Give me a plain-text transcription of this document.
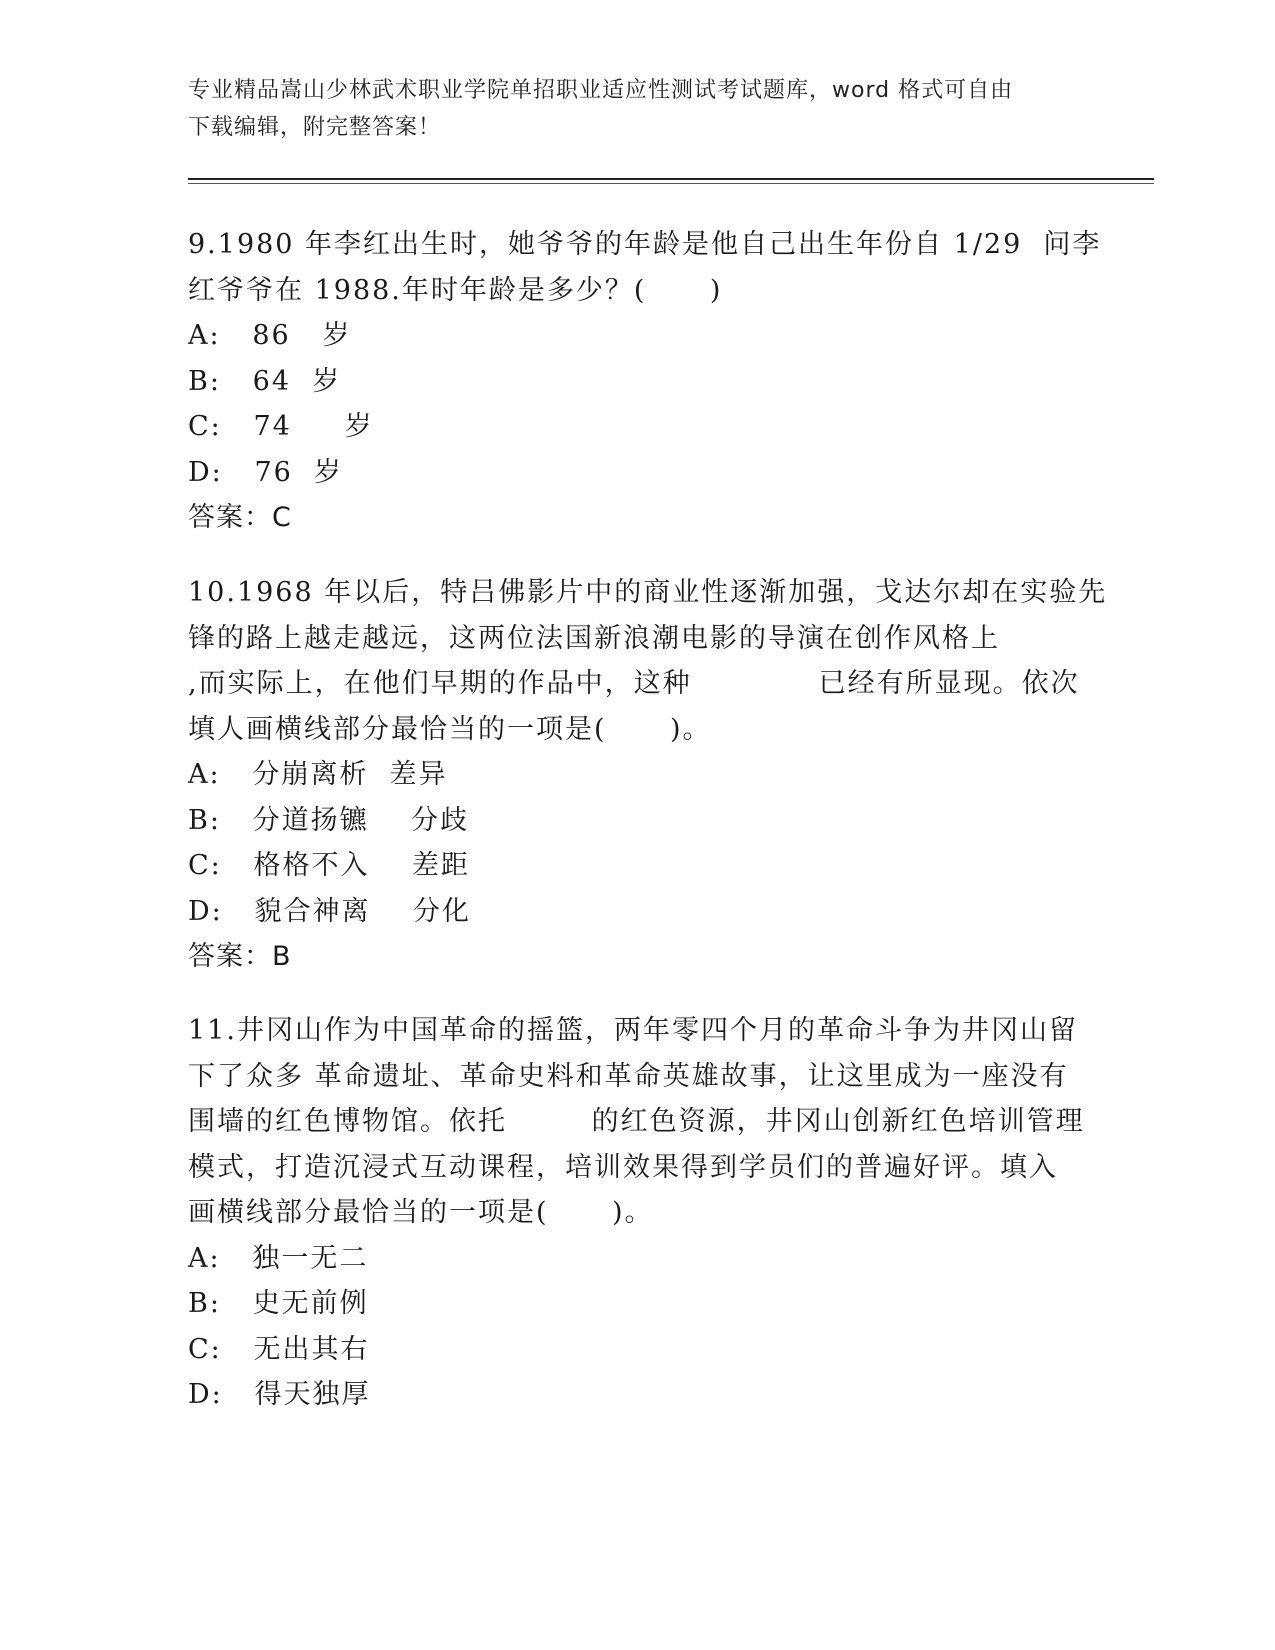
专业精品嵩山少林武术职业学院单招职业适应性测试考试题库，word 格式可自由
下载编辑，附完整答案！

9.1980 年李红出生时，她爷爷的年龄是他自己出生年份自 1/29  问李

红爷爷在 1988.年时年龄是多少？(      )

A:   86   岁

B:   64  岁

C:   74     岁

D:   76  岁

答案：C

10.1968 年以后，特吕佛影片中的商业性逐渐加强，戈达尔却在实验先

锋的路上越走越远，这两位法国新浪潮电影的导演在创作风格上

,而实际上，在他们早期的作品中，这种            已经有所显现。依次

填人画横线部分最恰当的一项是(      )。

A:   分崩离析  差异

B:   分道扬镳    分歧

C:   格格不入    差距

D:   貌合神离    分化

答案：B

11.井冈山作为中国革命的摇篮，两年零四个月的革命斗争为井冈山留

下了众多 革命遗址、革命史料和革命英雄故事，让这里成为一座没有

围墙的红色博物馆。依托        的红色资源，井冈山创新红色培训管理

模式，打造沉浸式互动课程，培训效果得到学员们的普遍好评。填入

画横线部分最恰当的一项是(      )。

A:   独一无二

B:   史无前例

C:   无出其右

D:   得天独厚
